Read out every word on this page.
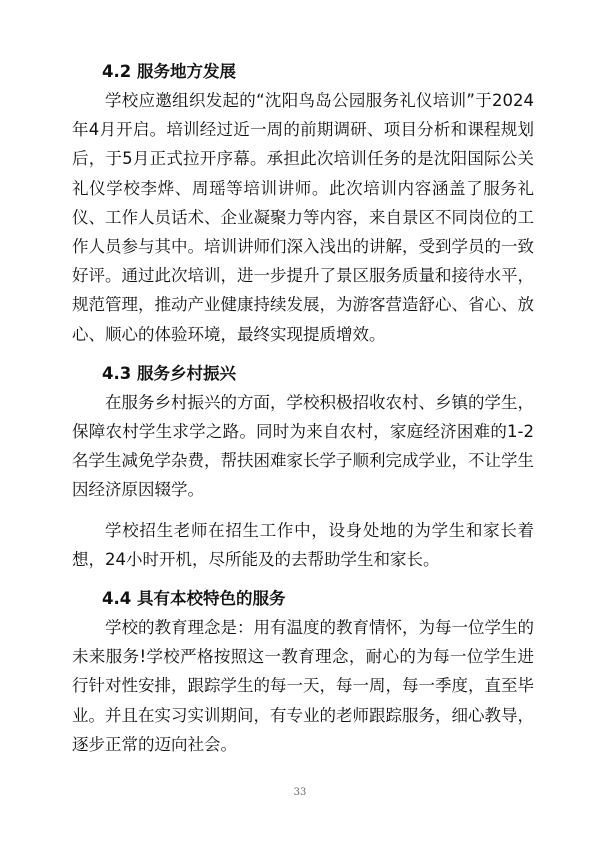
4.2 服务地方发展

学校应邀组织发起的“沈阳鸟岛公园服务礼仪培训”于2024年4月开启。培训经过近一周的前期调研、项目分析和课程规划后，于5月正式拉开序幕。承担此次培训任务的是沈阳国际公关礼仪学校李烨、周瑶等培训讲师。此次培训内容涵盖了服务礼仪、工作人员话术、企业凝聚力等内容，来自景区不同岗位的工作人员参与其中。培训讲师们深入浅出的讲解，受到学员的一致好评。通过此次培训，进一步提升了景区服务质量和接待水平，规范管理，推动产业健康持续发展，为游客营造舒心、省心、放心、顺心的体验环境，最终实现提质增效。

4.3 服务乡村振兴

在服务乡村振兴的方面，学校积极招收农村、乡镇的学生，保障农村学生求学之路。同时为来自农村，家庭经济困难的1-2名学生减免学杂费，帮扶困难家长学子顺利完成学业，不让学生因经济原因辍学。

学校招生老师在招生工作中，设身处地的为学生和家长着想，24小时开机，尽所能及的去帮助学生和家长。

4.4 具有本校特色的服务

学校的教育理念是：用有温度的教育情怀，为每一位学生的未来服务!学校严格按照这一教育理念，耐心的为每一位学生进行针对性安排，跟踪学生的每一天，每一周，每一季度，直至毕业。并且在实习实训期间，有专业的老师跟踪服务，细心教导，逐步正常的迈向社会。

33
